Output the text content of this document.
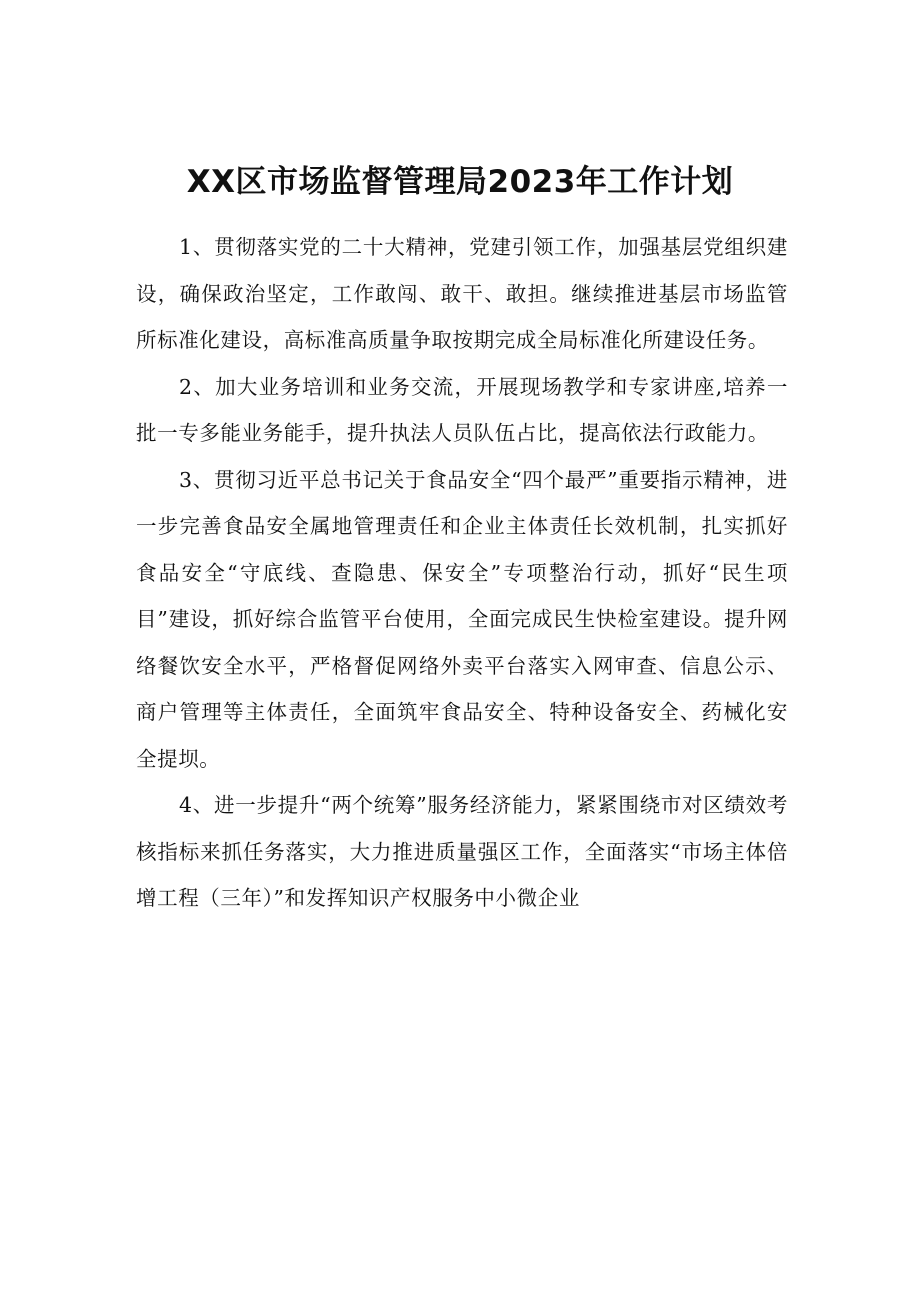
XX区市场监督管理局2023年工作计划

1、贯彻落实党的二十大精神，党建引领工作，加强基层党组织建设，确保政治坚定，工作敢闯、敢干、敢担。继续推进基层市场监管所标准化建设，高标准高质量争取按期完成全局标准化所建设任务。

2、加大业务培训和业务交流，开展现场教学和专家讲座,培养一批一专多能业务能手，提升执法人员队伍占比，提高依法行政能力。

3、贯彻习近平总书记关于食品安全“四个最严”重要指示精神，进一步完善食品安全属地管理责任和企业主体责任长效机制，扎实抓好食品安全“守底线、查隐患、保安全”专项整治行动，抓好“民生项目”建设，抓好综合监管平台使用，全面完成民生快检室建设。提升网络餐饮安全水平，严格督促网络外卖平台落实入网审查、信息公示、商户管理等主体责任，全面筑牢食品安全、特种设备安全、药械化安全提坝。

4、进一步提升“两个统筹”服务经济能力，紧紧围绕市对区绩效考核指标来抓任务落实，大力推进质量强区工作，全面落实“市场主体倍增工程（三年）”和发挥知识产权服务中小微企业
